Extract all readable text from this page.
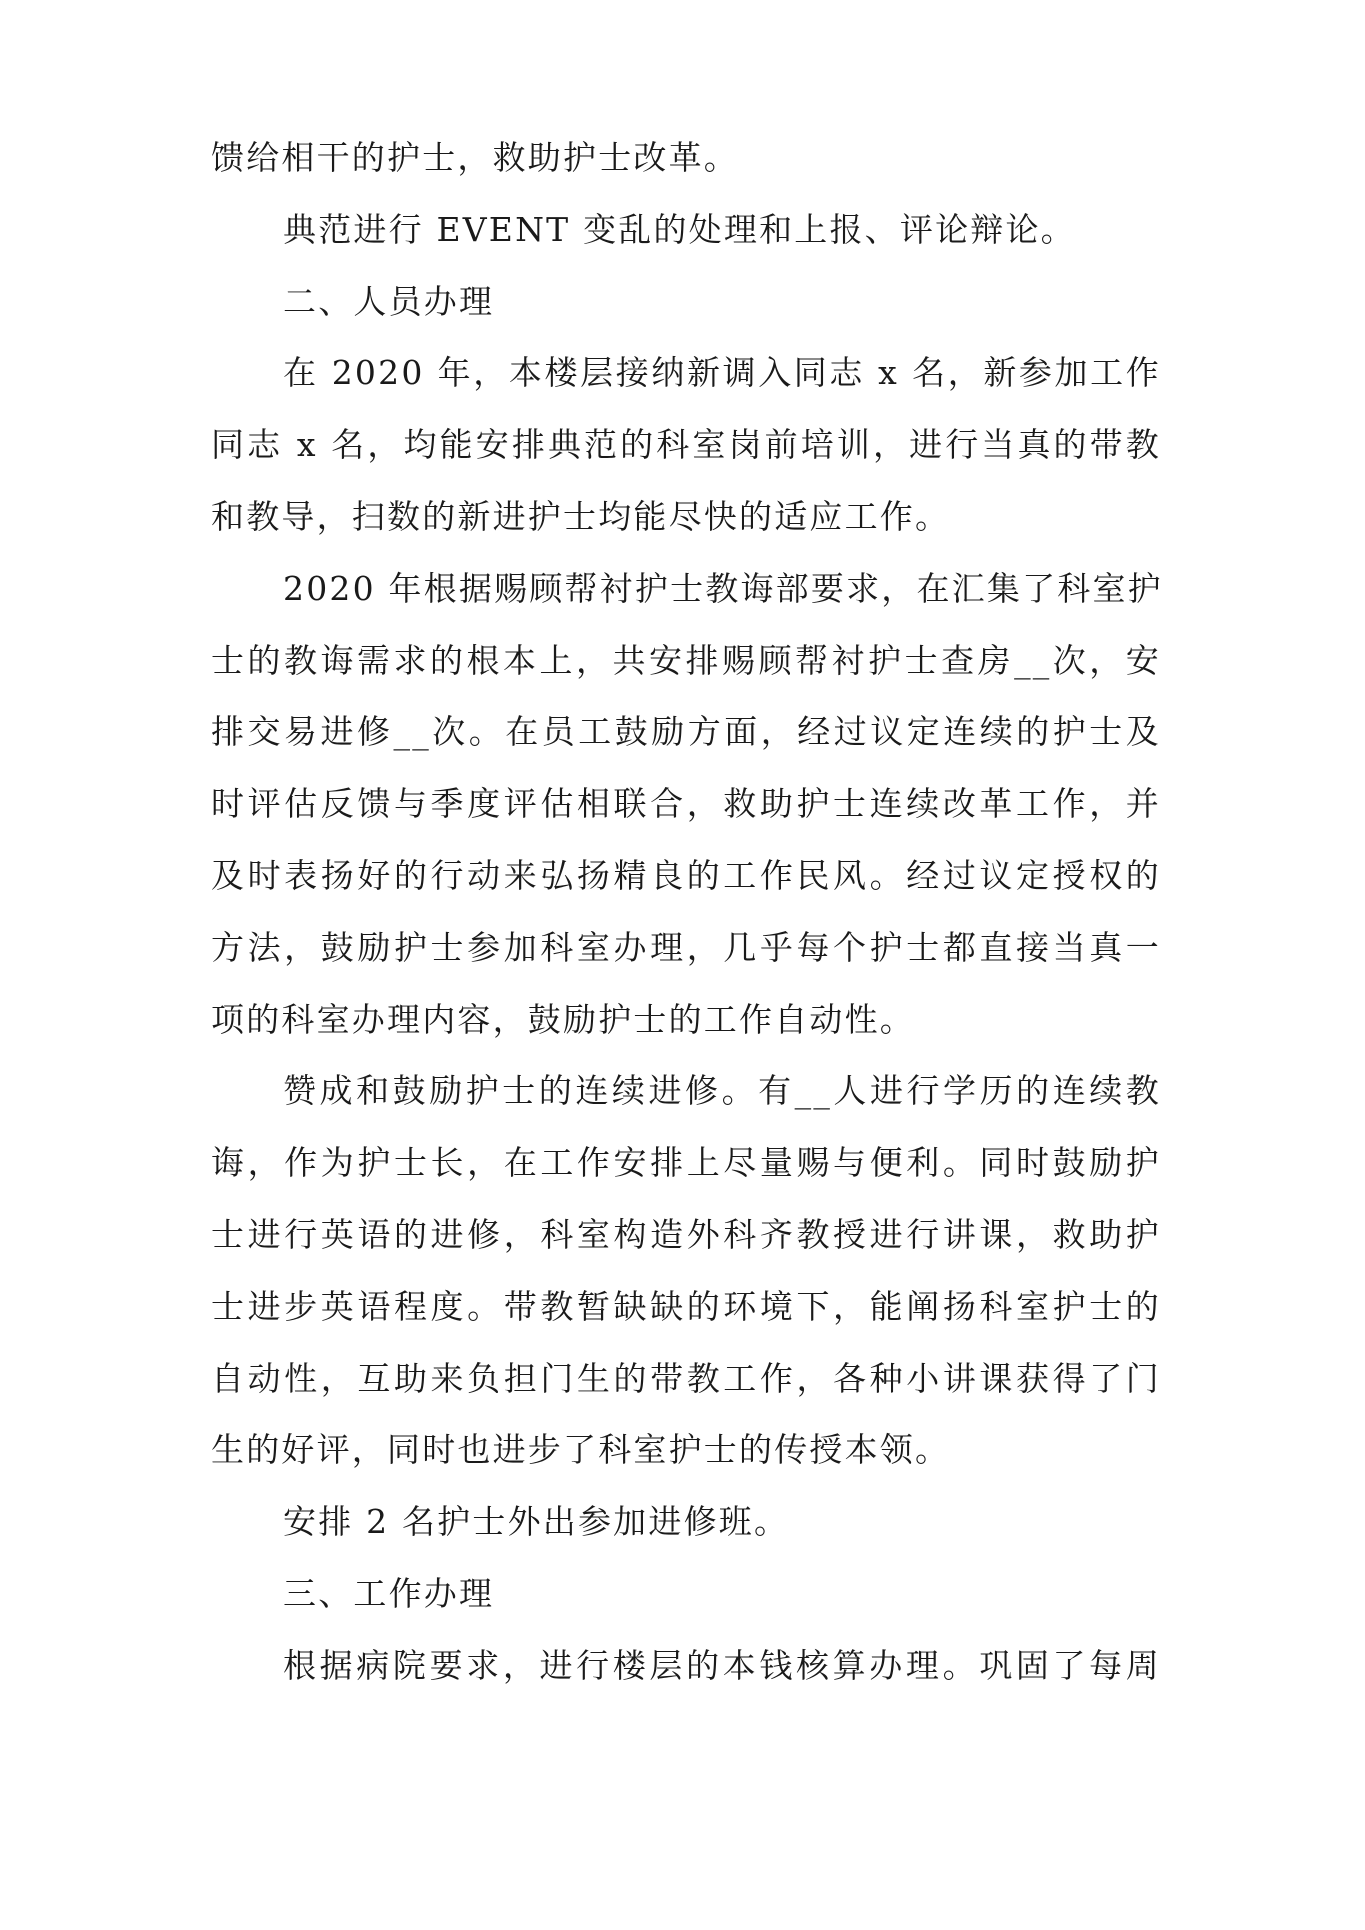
馈给相干的护士，救助护士改革。

典范进行 EVENT 变乱的处理和上报、评论辩论。

二、人员办理

在 2020 年，本楼层接纳新调入同志 x 名，新参加工作
同志 x 名，均能安排典范的科室岗前培训，进行当真的带教
和教导，扫数的新进护士均能尽快的适应工作。

2020 年根据赐顾帮衬护士教诲部要求，在汇集了科室护
士的教诲需求的根本上，共安排赐顾帮衬护士查房__次，安
排交易进修__次。在员工鼓励方面，经过议定连续的护士及
时评估反馈与季度评估相联合，救助护士连续改革工作，并
及时表扬好的行动来弘扬精良的工作民风。经过议定授权的
方法，鼓励护士参加科室办理，几乎每个护士都直接当真一
项的科室办理内容，鼓励护士的工作自动性。

赞成和鼓励护士的连续进修。有__人进行学历的连续教
诲，作为护士长，在工作安排上尽量赐与便利。同时鼓励护
士进行英语的进修，科室构造外科齐教授进行讲课，救助护
士进步英语程度。带教暂缺缺的环境下，能阐扬科室护士的
自动性，互助来负担门生的带教工作，各种小讲课获得了门
生的好评，同时也进步了科室护士的传授本领。

安排 2 名护士外出参加进修班。

三、工作办理

根据病院要求，进行楼层的本钱核算办理。巩固了每周
